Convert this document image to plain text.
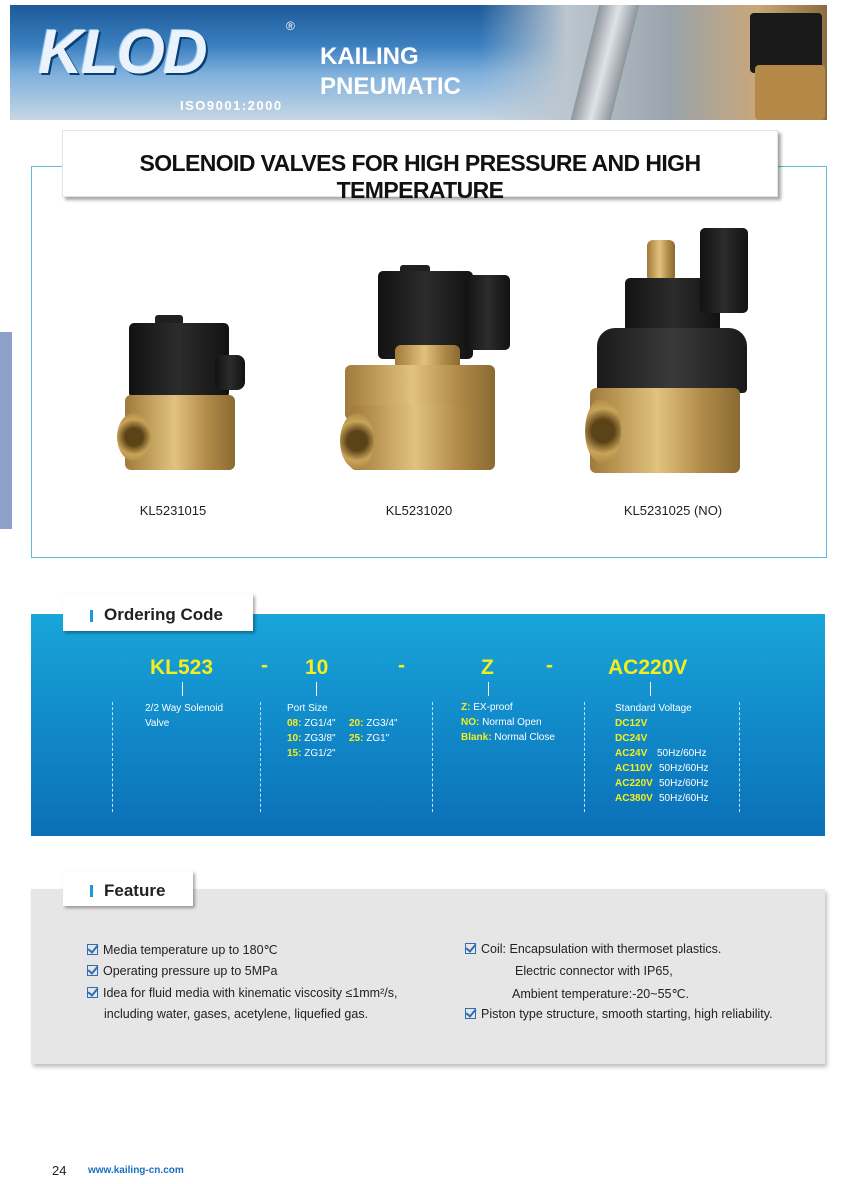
KLOD	®
ISO9001:2000
KAILING
PNEUMATIC
SOLENOID VALVES FOR HIGH PRESSURE AND HIGH TEMPERATURE
KL5231015	KL5231020	KL5231025 (NO)
Ordering Code
KL523 - 10	-	Z -	AC220V
2/2 Way Solenoid
Valve
Port Size
08: ZG1/4" 20: ZG3/4"
10: ZG3/8" 25: ZG1"
15: ZG1/2"
Z: EX-proof
NO: Normal Open
Blank: Normal Close
Standard Voltage
DC12V
DC24V
AC24V 50Hz/60Hz
AC110V 50Hz/60Hz
AC220V 50Hz/60Hz
AC380V 50Hz/60Hz
Feature
Media temperature up to 180℃
Operating pressure up to 5MPa
Idea for fluid media with kinematic viscosity ≤1mm²/s,
including water, gases, acetylene, liquefied gas.
Coil: Encapsulation with thermoset plastics.
Electric connector with IP65,
Ambient temperature:-20~55℃.
Piston type structure, smooth starting, high reliability.
24 www.kailing-cn.com
